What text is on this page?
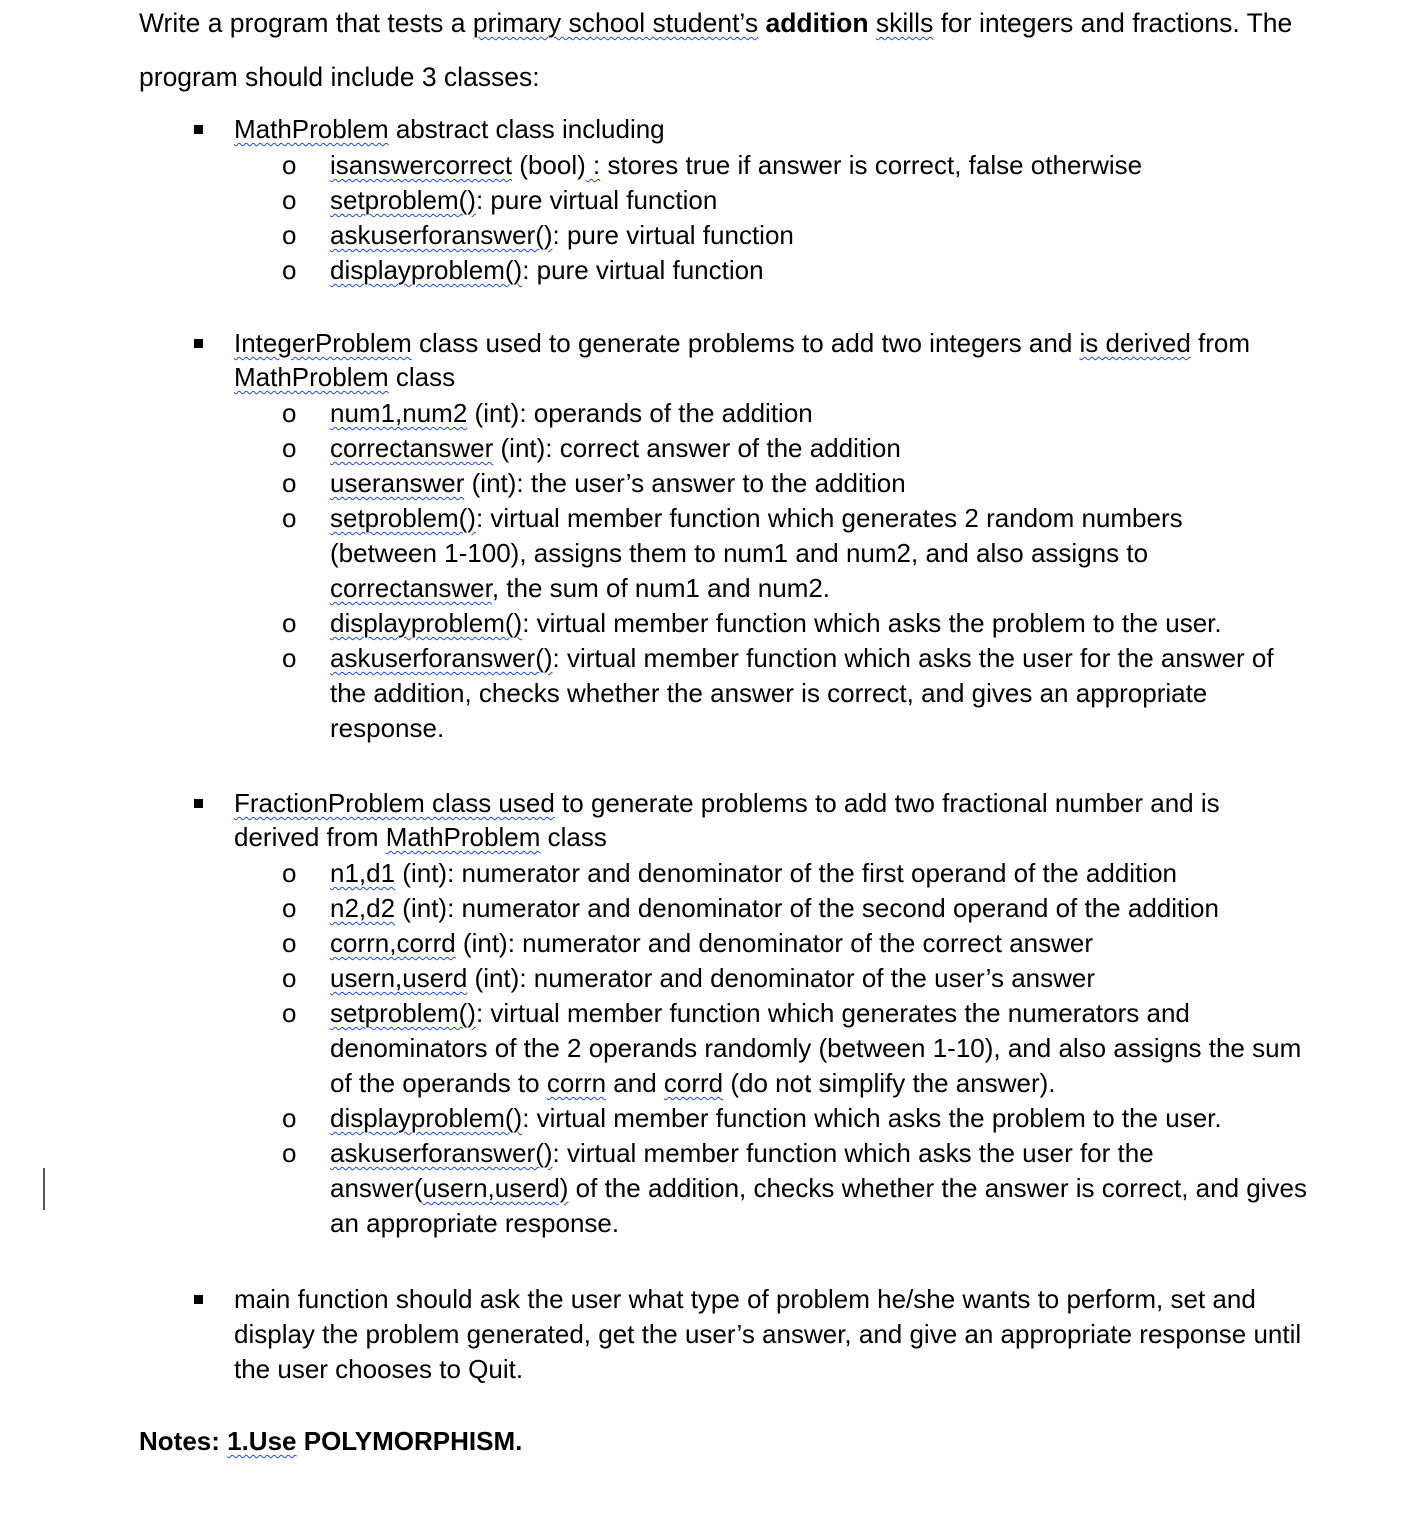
Write a program that tests a primary school student’s addition skills for integers and fractions. The
program should include 3 classes:
MathProblem abstract class including
o isanswercorrect (bool) : stores true if answer is correct, false otherwise
o setproblem(): pure virtual function
o askuserforanswer(): pure virtual function
o displayproblem(): pure virtual function
IntegerProblem class used to generate problems to add two integers and is derived from
MathProblem class
o num1,num2 (int): operands of the addition
o correctanswer (int): correct answer of the addition
o useranswer (int): the user’s answer to the addition
o setproblem(): virtual member function which generates 2 random numbers
(between 1-100), assigns them to num1 and num2, and also assigns to
correctanswer, the sum of num1 and num2.
o displayproblem(): virtual member function which asks the problem to the user.
o askuserforanswer(): virtual member function which asks the user for the answer of
the addition, checks whether the answer is correct, and gives an appropriate
response.
FractionProblem class used to generate problems to add two fractional number and is
derived from MathProblem class
o n1,d1 (int): numerator and denominator of the first operand of the addition
o n2,d2 (int): numerator and denominator of the second operand of the addition
o corrn,corrd (int): numerator and denominator of the correct answer
o usern,userd (int): numerator and denominator of the user’s answer
o setproblem(): virtual member function which generates the numerators and
denominators of the 2 operands randomly (between 1-10), and also assigns the sum
of the operands to corrn and corrd (do not simplify the answer).
o displayproblem(): virtual member function which asks the problem to the user.
o askuserforanswer(): virtual member function which asks the user for the
answer(usern,userd) of the addition, checks whether the answer is correct, and gives
an appropriate response.
main function should ask the user what type of problem he/she wants to perform, set and
display the problem generated, get the user’s answer, and give an appropriate response until
the user chooses to Quit.
Notes: 1.Use POLYMORPHISM.
